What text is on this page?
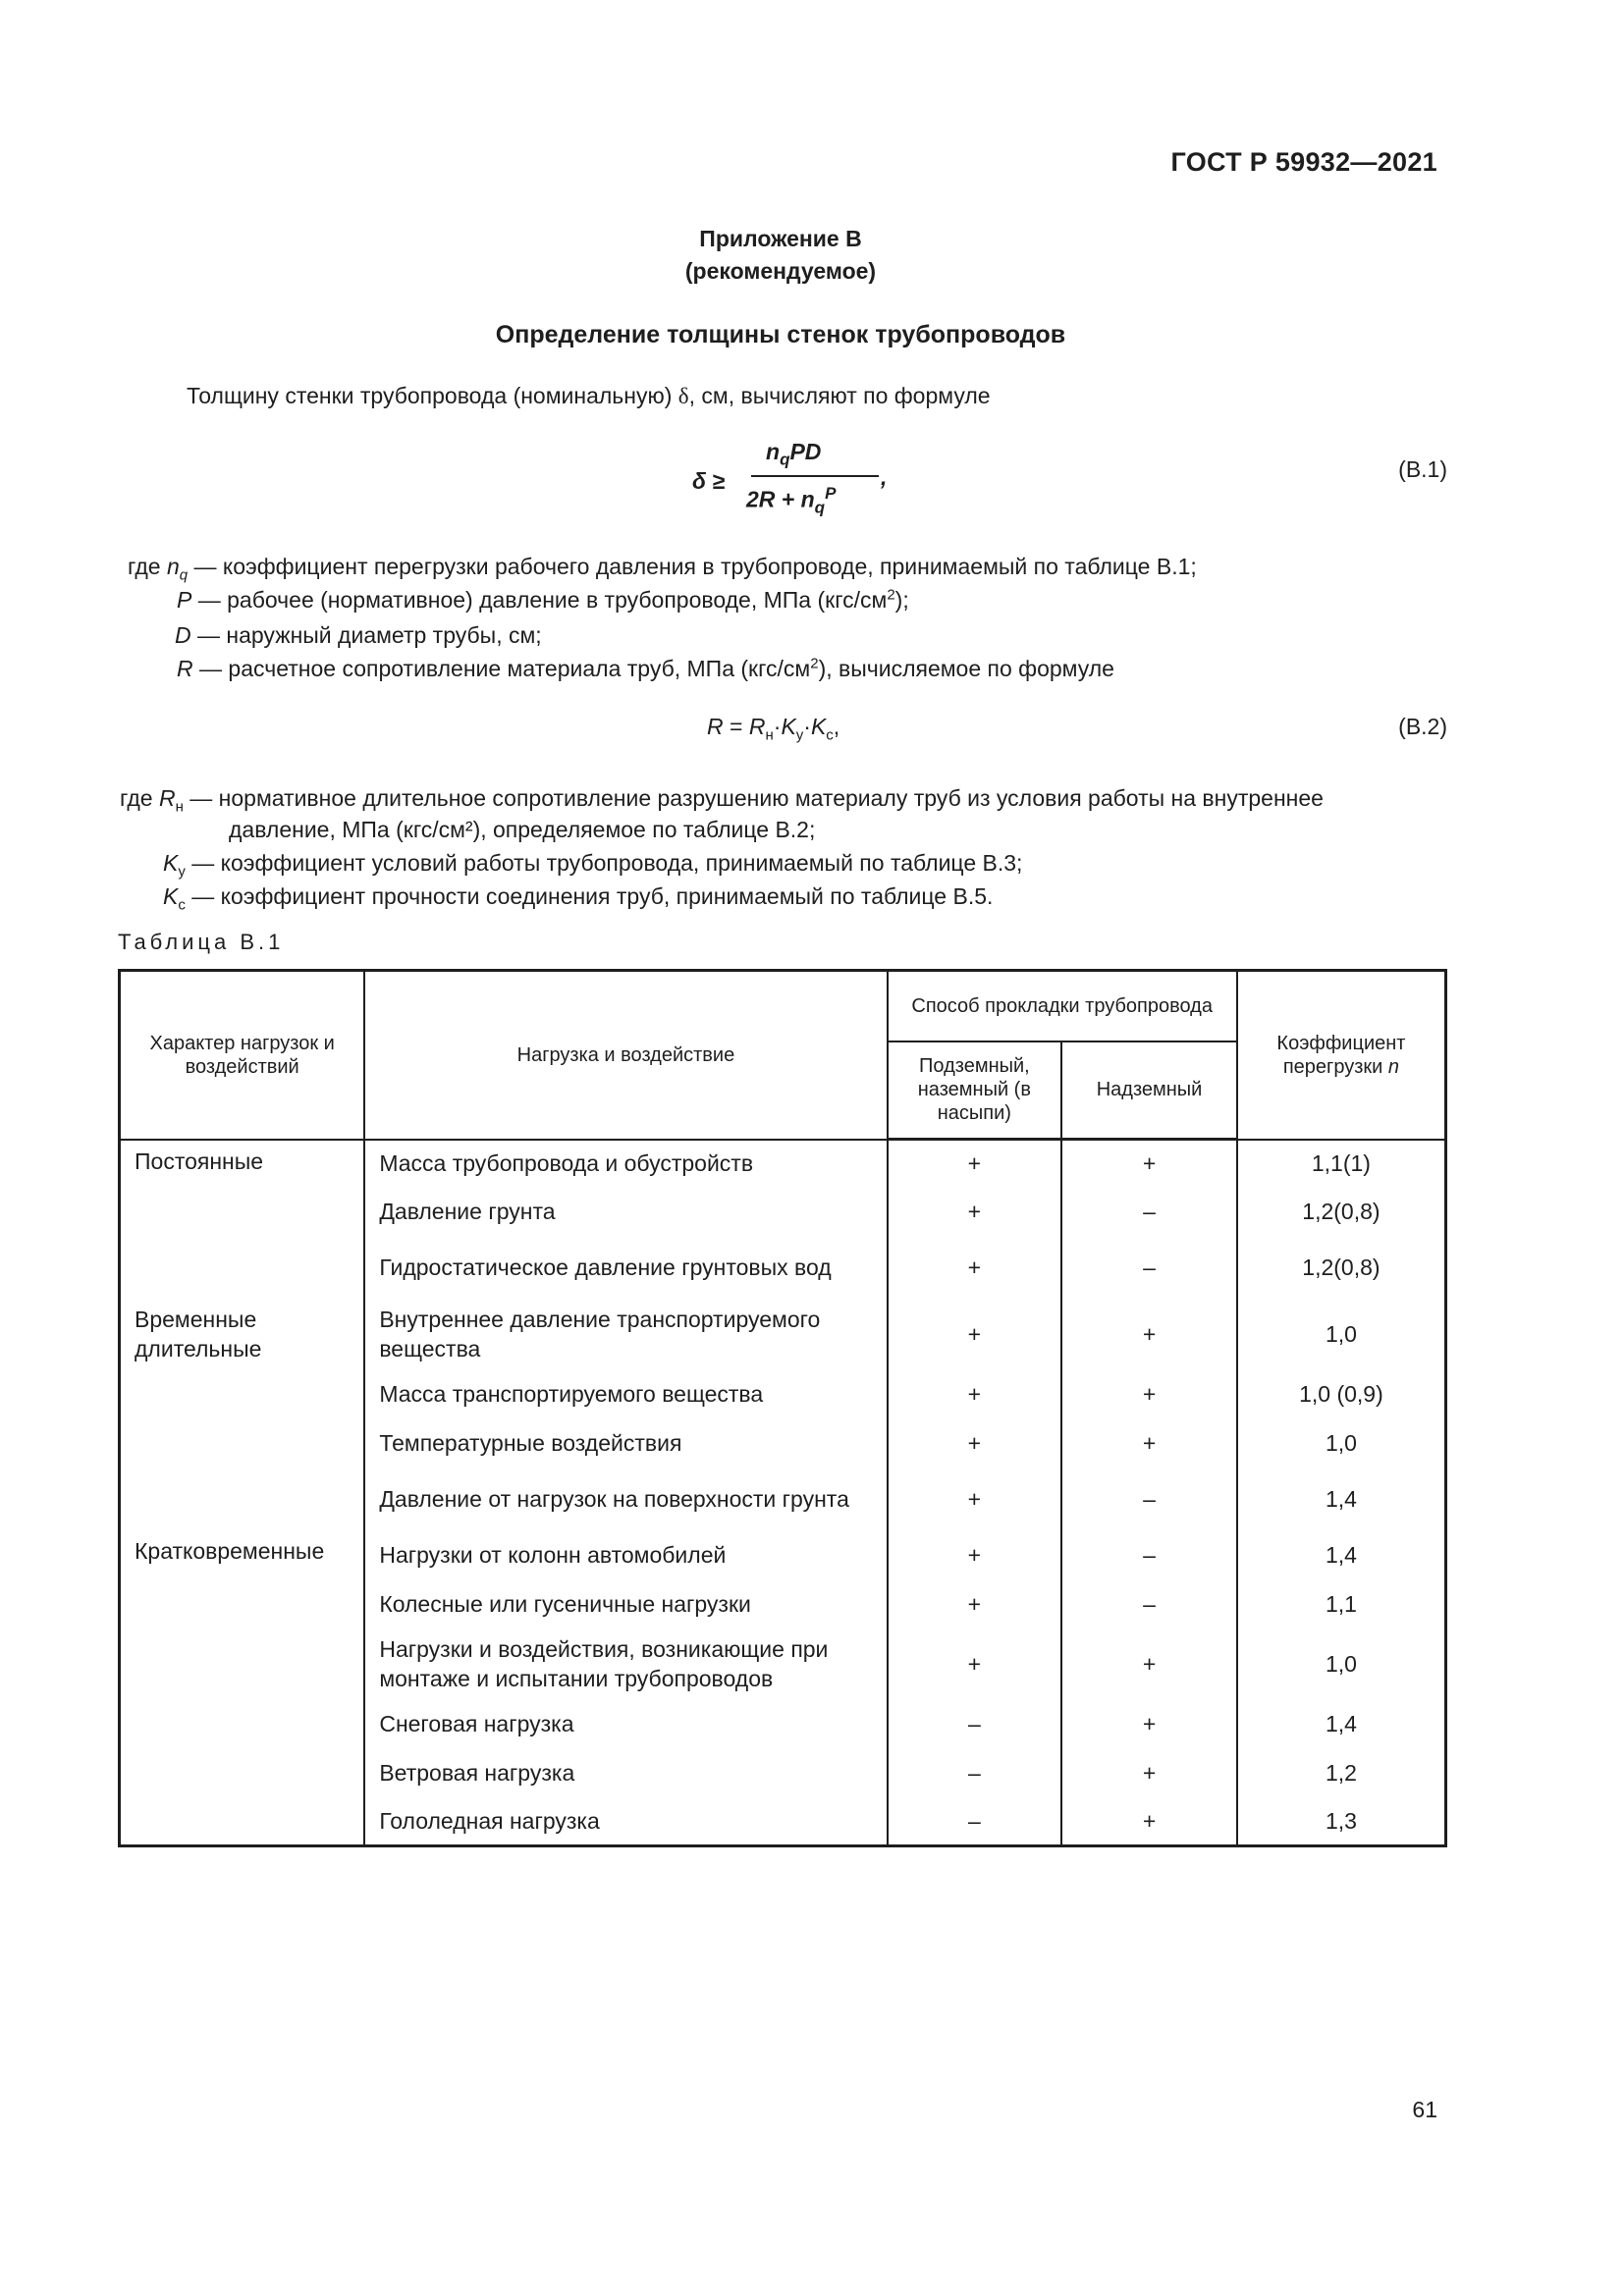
ГОСТ Р 59932—2021
Приложение В
(рекомендуемое)
Определение толщины стенок трубопроводов
Толщину стенки трубопровода (номинальную) δ, см, вычисляют по формуле
δ ≥
$n_qPD$
$2R + n_q^P$
,	(В.1)
где $n_q$ — коэффициент перегрузки рабочего давления в трубопроводе, принимаемый по таблице В.1;
P — рабочее (нормативное) давление в трубопроводе, МПа $(кгс/см^2)$;
D — наружный диаметр трубы, см;
R — расчетное сопротивление материала труб, МПа $(кгс/см^2)$, вычисляемое по формуле
$R = R_н\cdot K_у\cdot K_с$,	(В.2)
где $R_н$ — нормативное длительное сопротивление разрушению материалу труб из условия работы на внутреннее
давление, МПа (кгс/см²), определяемое по таблице В.2;
$K_у$ — коэффициент условий работы трубопровода, принимаемый по таблице В.3;
$K_с$ — коэффициент прочности соединения труб, принимаемый по таблице В.5.
Таблица В.1
Характер нагрузок и воздействий	Нагрузка и воздействие	Способ прокладки трубопровода		Коэффициент перегрузки n
		Подземный, наземный (в насыпи)	Надземный	
Постоянные	Масса трубопровода и обустройств	+	+	1,1(1)
	Давление грунта	+	–	1,2(0,8)
	Гидростатическое давление грунтовых вод	+	–	1,2(0,8)
Временные длительные	Внутреннее давление транспортируемого вещества	+	+	1,0
	Масса транспортируемого вещества	+	+	1,0 (0,9)
	Температурные воздействия	+	+	1,0
	Давление от нагрузок на поверхности грунта	+	–	1,4
Кратковременные	Нагрузки от колонн автомобилей	+	–	1,4
	Колесные или гусеничные нагрузки	+	–	1,1
	Нагрузки и воздействия, возникающие при монтаже и испытании трубопроводов	+	+	1,0
	Снеговая нагрузка	–	+	1,4
	Ветровая нагрузка	–	+	1,2
	Гололедная нагрузка	–	+	1,3
61
